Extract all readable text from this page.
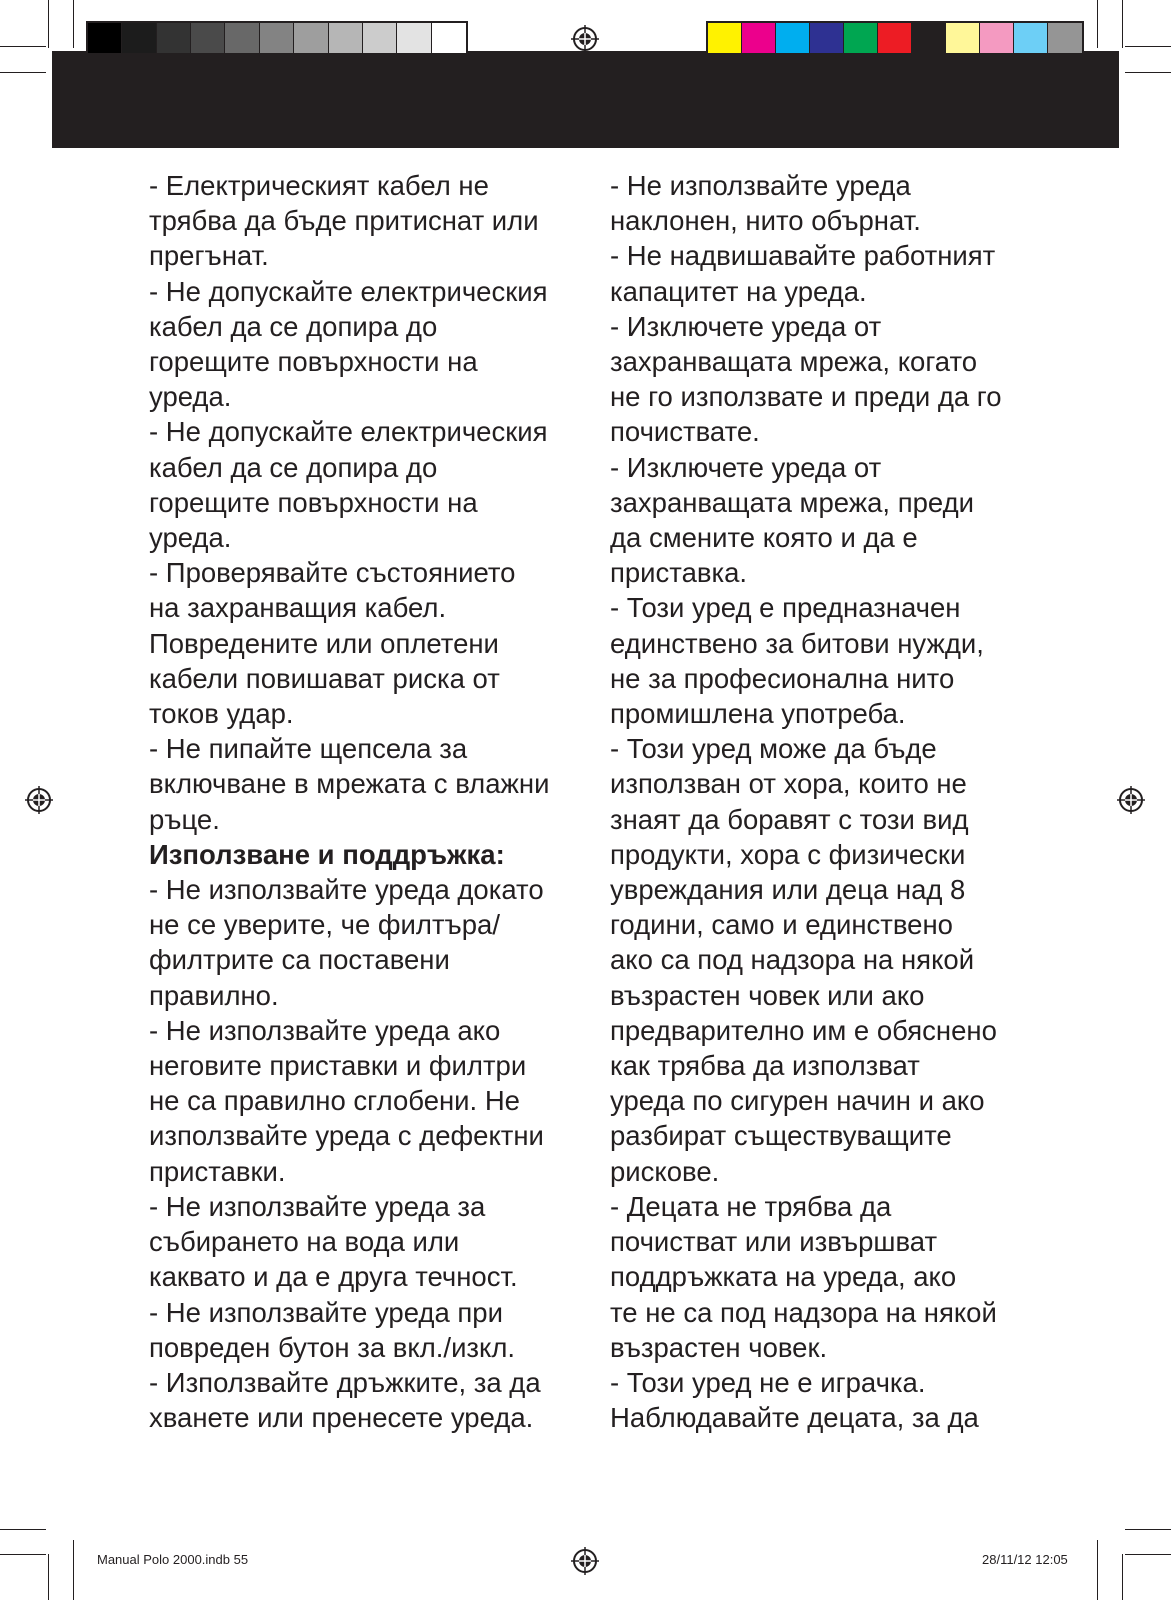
- Електрическият кабел не
трябва да бъде притиснат или
прегънат.
- Не допускайте електрическия
кабел да се допира до
горещите повърхности на
уреда.
- Не допускайте електрическия
кабел да се допира до
горещите повърхности на
уреда.
- Проверявайте състоянието
на захранващия кабел.
Повредените или оплетени
кабели повишават риска от
токов удар.
- Не пипайте щепсела за
включване в мрежата с влажни
ръце.
Използване и поддръжка:
- Не използвайте уреда докато
не се уверите, че филтъра/
филтрите са поставени
правилно.
- Не използвайте уреда ако
неговите приставки и филтри
не са правилно сглобени. Не
използвайте уреда с дефектни
приставки.
- Не използвайте уреда за
събирането на вода или
каквато и да е друга течност.
- Не използвайте уреда при
повреден бутон за вкл./изкл.
- Използвайте дръжките, за да
хванете или пренесете уреда.
- Не използвайте уреда
наклонен, нито обърнат.
- Не надвишавайте работният
капацитет на уреда.
- Изключете уреда от
захранващата мрежа, когато
не го използвате и преди да го
почиствате.
- Изключете уреда от
захранващата мрежа, преди
да смените която и да е
приставка.
- Този уред е предназначен
единствено за битови нужди,
не за професионална нито
промишлена употреба.
- Този уред може да бъде
използван от хора, които не
знаят да боравят с този вид
продукти, хора с физически
увреждания или деца над 8
години, само и единствено
ако са под надзора на някой
възрастен човек или ако
предварително им е обяснено
как трябва да използват
уреда по сигурен начин и ако
разбират съществуващите
рискове.
- Децата не трябва да
почистват или извършват
поддръжката на уреда, ако
те не са под надзора на някой
възрастен човек.
- Този уред не е играчка.
Наблюдавайте децата, за да
Manual Polo 2000.indb 55	28/11/12 12:05
